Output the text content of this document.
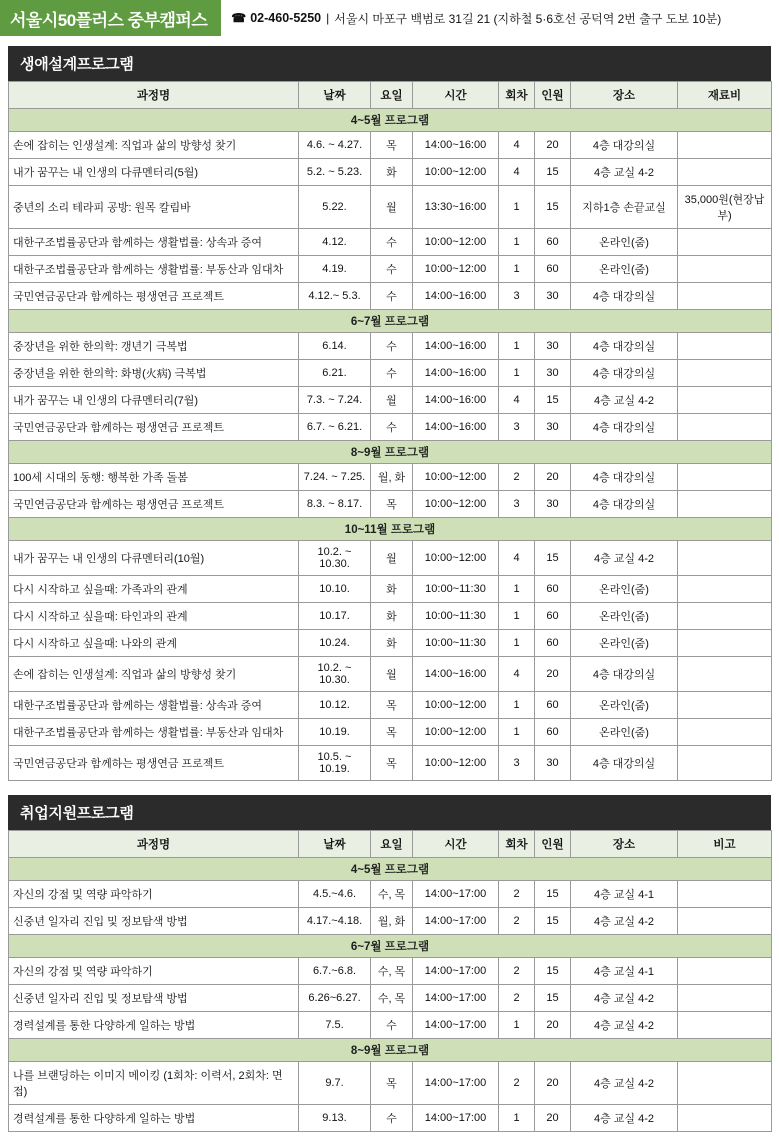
서울시50플러스 중부캠퍼스	☎ 02-460-5250 | 서울시 마포구 백범로 31길 21 (지하철 5·6호선 공덕역 2번 출구 도보 10분)
생애설계프로그램
과정명	날짜	요일	시간	회차	인원	장소	재료비
4~5월 프로그램							
손에 잡히는 인생설계: 직업과 삶의 방향성 찾기	4.6. ~ 4.27.	목	14:00~16:00	4	20	4층 대강의실	
내가 꿈꾸는 내 인생의 다큐멘터리(5월)	5.2. ~ 5.23.	화	10:00~12:00	4	15	4층 교실 4-2	
중년의 소리 테라피 공방: 원목 칼림바	5.22.	월	13:30~16:00	1	15	지하1층 손끝교실	35,000원(현장납부)
대한구조법률공단과 함께하는 생활법률: 상속과 증여	4.12.	수	10:00~12:00	1	60	온라인(줌)	
대한구조법률공단과 함께하는 생활법률: 부동산과 임대차	4.19.	수	10:00~12:00	1	60	온라인(줌)	
국민연금공단과 함께하는 평생연금 프로젝트	4.12.~ 5.3.	수	14:00~16:00	3	30	4층 대강의실	
6~7월 프로그램							
중장년을 위한 한의학: 갱년기 극복법	6.14.	수	14:00~16:00	1	30	4층 대강의실	
중장년을 위한 한의학: 화병(火病) 극복법	6.21.	수	14:00~16:00	1	30	4층 대강의실	
내가 꿈꾸는 내 인생의 다큐멘터리(7월)	7.3. ~ 7.24.	월	14:00~16:00	4	15	4층 교실 4-2	
국민연금공단과 함께하는 평생연금 프로젝트	6.7. ~ 6.21.	수	14:00~16:00	3	30	4층 대강의실	
8~9월 프로그램							
100세 시대의 동행: 행복한 가족 돌봄	7.24. ~ 7.25.	월, 화	10:00~12:00	2	20	4층 대강의실	
국민연금공단과 함께하는 평생연금 프로젝트	8.3. ~ 8.17.	목	10:00~12:00	3	30	4층 대강의실	
10~11월 프로그램							
내가 꿈꾸는 내 인생의 다큐멘터리(10월)	10.2. ~ 10.30.	월	10:00~12:00	4	15	4층 교실 4-2	
다시 시작하고 싶을때: 가족과의 관계	10.10.	화	10:00~11:30	1	60	온라인(줌)	
다시 시작하고 싶을때: 타인과의 관계	10.17.	화	10:00~11:30	1	60	온라인(줌)	
다시 시작하고 싶을때: 나와의 관계	10.24.	화	10:00~11:30	1	60	온라인(줌)	
손에 잡히는 인생설계: 직업과 삶의 방향성 찾기	10.2. ~ 10.30.	월	14:00~16:00	4	20	4층 대강의실	
대한구조법률공단과 함께하는 생활법률: 상속과 증여	10.12.	목	10:00~12:00	1	60	온라인(줌)	
대한구조법률공단과 함께하는 생활법률: 부동산과 임대차	10.19.	목	10:00~12:00	1	60	온라인(줌)	
국민연금공단과 함께하는 평생연금 프로젝트	10.5. ~ 10.19.	목	10:00~12:00	3	30	4층 대강의실	
취업지원프로그램
과정명	날짜	요일	시간	회차	인원	장소	비고
4~5월 프로그램							
자신의 강점 및 역량 파악하기	4.5.~4.6.	수, 목	14:00~17:00	2	15	4층 교실 4-1	
신중년 일자리 진입 및 정보탐색 방법	4.17.~4.18.	월, 화	14:00~17:00	2	15	4층 교실 4-2	
6~7월 프로그램							
자신의 강점 및 역량 파악하기	6.7.~6.8.	수, 목	14:00~17:00	2	15	4층 교실 4-1	
신중년 일자리 진입 및 정보탐색 방법	6.26~6.27.	수, 목	14:00~17:00	2	15	4층 교실 4-2	
경력설계를 통한 다양하게 일하는 방법	7.5.	수	14:00~17:00	1	20	4층 교실 4-2	
8~9월 프로그램							
나를 브랜딩하는 이미지 메이킹 (1회차: 이력서, 2회차: 면접)	9.7.	목	14:00~17:00	2	20	4층 교실 4-2	
경력설계를 통한 다양하게 일하는 방법	9.13.	수	14:00~17:00	1	20	4층 교실 4-2	
